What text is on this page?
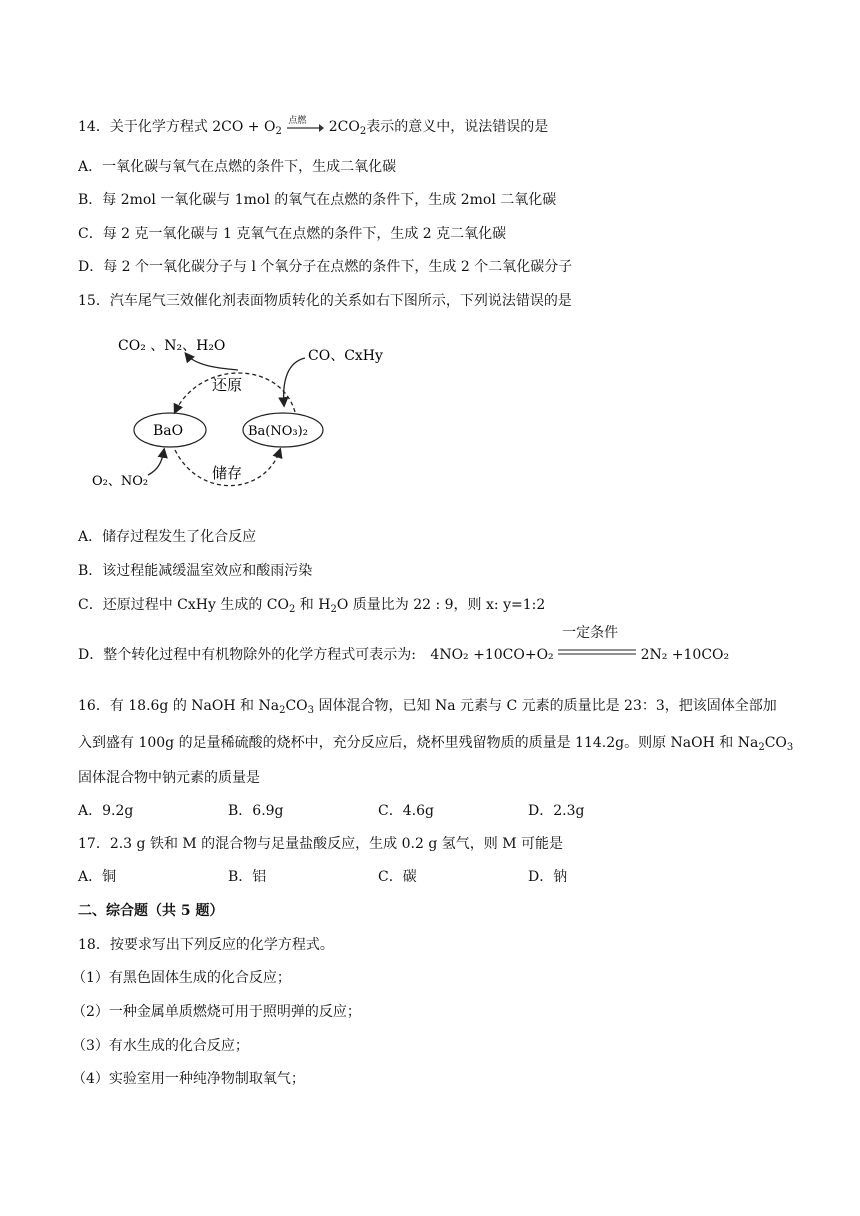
14．关于化学方程式 $2CO + O_2$
点燃 $2CO_2$表示的意义中，说法错误的是
A．一氧化碳与氧气在点燃的条件下，生成二氧化碳
B．每 2mol 一氧化碳与 1mol 的氧气在点燃的条件下，生成 2mol 二氧化碳
C．每 2 克一氧化碳与 1 克氧气在点燃的条件下，生成 2 克二氧化碳
D．每 2 个一氧化碳分子与 l 个氧分子在点燃的条件下，生成 2 个二氧化碳分子
15．汽车尾气三效催化剂表面物质转化的关系如右下图所示，下列说法错误的是
CO₂ 、N₂、H₂O
还原
CO、CxHy
BaO	Ba(NO₃)₂
储存
O₂、NO₂
A．储存过程发生了化合反应
B．该过程能减缓温室效应和酸雨污染
C．还原过程中 CxHy 生成的 $CO_2$ 和 $H_2O$ 质量比为 22 : 9，则 x: y=1:2
D．整个转化过程中有机物除外的化学方程式可表示为: 4NO₂ +10CO+O₂
一定条件
2N₂ +10CO₂
16．有 18.6g 的 NaOH 和 $Na_2CO_3$ 固体混合物，已知 Na 元素与 C 元素的质量比是 23：3，把该固体全部加
入到盛有 100g 的足量稀硫酸的烧杯中，充分反应后，烧杯里残留物质的质量是 114.2g。则原 NaOH 和 $Na_2CO_3$
固体混合物中钠元素的质量是
A．9.2g	B．6.9g	C．4.6g	D．2.3g
17．2.3 g 铁和 M 的混合物与足量盐酸反应，生成 0.2 g 氢气，则 M 可能是
A．铜	B．铝	C．碳	D．钠
二、综合题（共 5 题）
18．按要求写出下列反应的化学方程式。
（1）有黑色固体生成的化合反应；
（2）一种金属单质燃烧可用于照明弹的反应；
（3）有水生成的化合反应；
（4）实验室用一种纯净物制取氧气；
